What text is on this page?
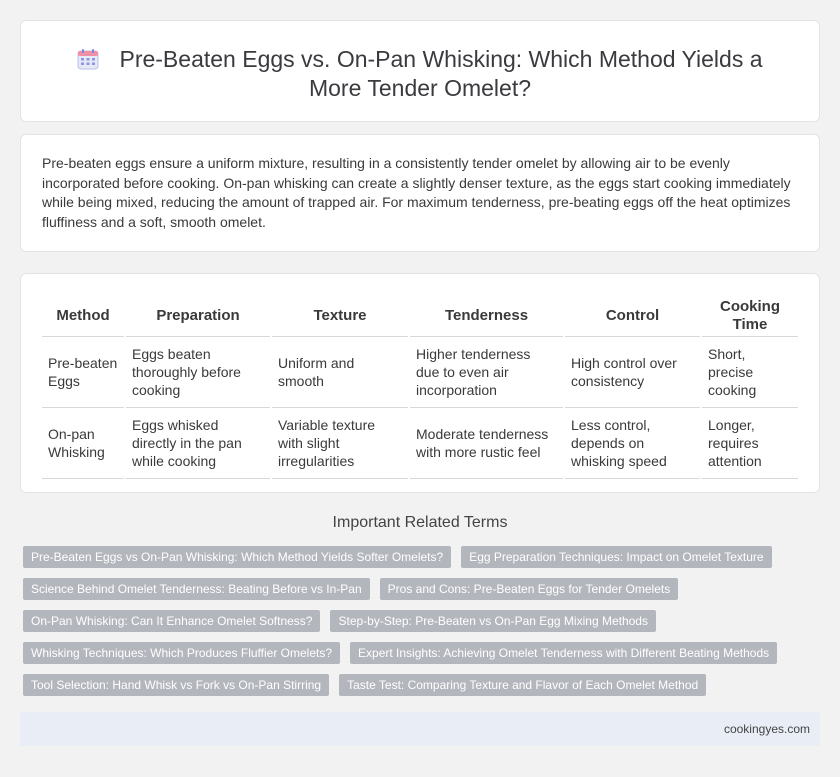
Pre-Beaten Eggs vs. On-Pan Whisking: Which Method Yields a
More Tender Omelet?

Pre-beaten eggs ensure a uniform mixture, resulting in a consistently tender omelet by allowing air to be evenly incorporated before cooking. On-pan whisking can create a slightly denser texture, as the eggs start cooking immediately while being mixed, reducing the amount of trapped air. For maximum tenderness, pre-beating eggs off the heat optimizes fluffiness and a soft, smooth omelet.

Method	Preparation	Texture	Tenderness	Control	Cooking Time
Pre-beaten Eggs	Eggs beaten thoroughly before cooking	Uniform and smooth	Higher tenderness due to even air incorporation	High control over consistency	Short, precise cooking
On-pan Whisking	Eggs whisked directly in the pan while cooking	Variable texture with slight irregularities	Moderate tenderness with more rustic feel	Less control, depends on whisking speed	Longer, requires attention
Important Related Terms
Pre-Beaten Eggs vs On-Pan Whisking: Which Method Yields Softer Omelets?	Egg Preparation Techniques: Impact on Omelet Texture
Science Behind Omelet Tenderness: Beating Before vs In-Pan	Pros and Cons: Pre-Beaten Eggs for Tender Omelets
On-Pan Whisking: Can It Enhance Omelet Softness?	Step-by-Step: Pre-Beaten vs On-Pan Egg Mixing Methods
Whisking Techniques: Which Produces Fluffier Omelets?	Expert Insights: Achieving Omelet Tenderness with Different Beating Methods
Tool Selection: Hand Whisk vs Fork vs On-Pan Stirring	Taste Test: Comparing Texture and Flavor of Each Omelet Method
cookingyes.com
